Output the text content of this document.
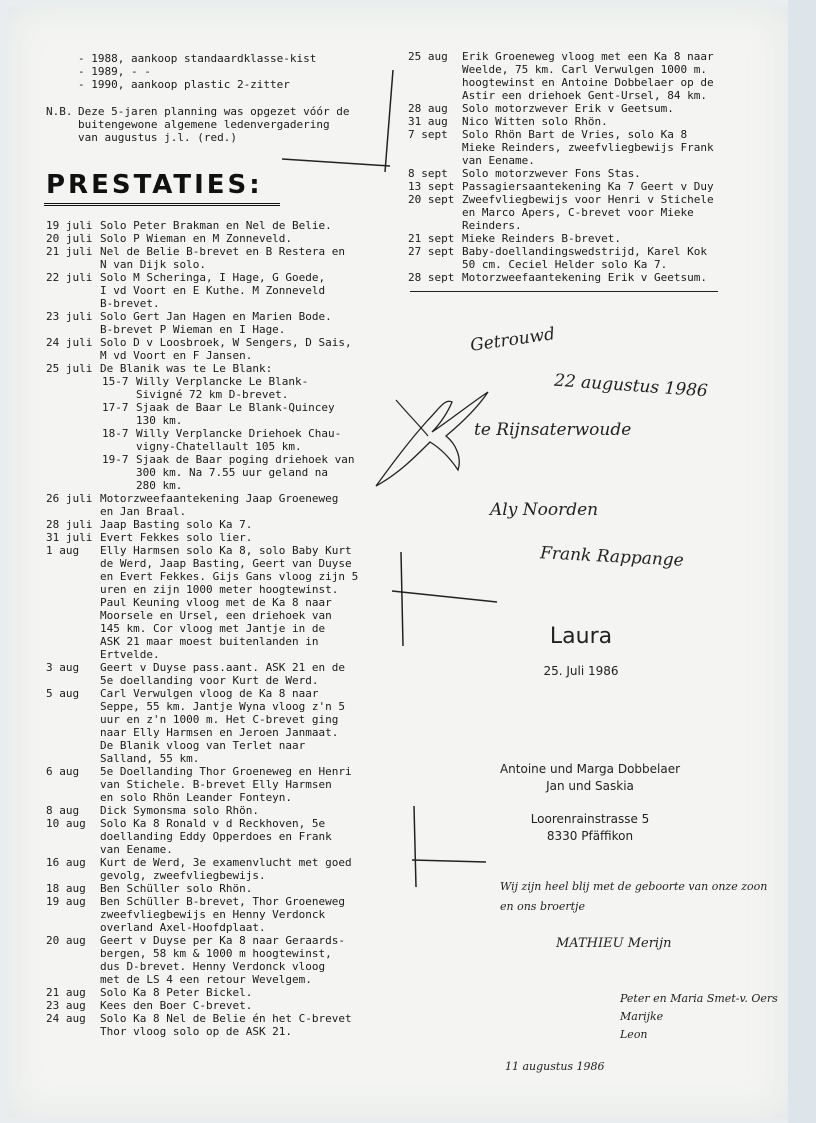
- 1988, aankoop standaardklasse-kist
- 1989, - -
- 1990, aankoop plastic 2-zitter
N.B. Deze 5-jaren planning was opgezet vóór de
buitengewone algemene ledenvergadering
van augustus j.l. (red.)
PRESTATIES:
19 juli Solo Peter Brakman en Nel de Belie.
20 juli Solo P Wieman en M Zonneveld.
21 juli Nel de Belie B-brevet en B Restera en
N van Dijk solo.
22 juli Solo M Scheringa, I Hage, G Goede,
I vd Voort en E Kuthe. M Zonneveld
B-brevet.
23 juli Solo Gert Jan Hagen en Marien Bode.
B-brevet P Wieman en I Hage.
24 juli Solo D v Loosbroek, W Sengers, D Sais,
M vd Voort en F Jansen.
25 juli De Blanik was te Le Blank:
15-7 Willy Verplancke Le Blank-
Sivigné 72 km D-brevet.
17-7 Sjaak de Baar Le Blank-Quincey
130 km.
18-7 Willy Verplancke Driehoek Chau-
vigny-Chatellault 105 km.
19-7 Sjaak de Baar poging driehoek van
300 km. Na 7.55 uur geland na
280 km.
26 juli Motorzweefaantekening Jaap Groeneweg
en Jan Braal.
28 juli Jaap Basting solo Ka 7.
31 juli Evert Fekkes solo lier.
1 aug	Elly Harmsen solo Ka 8, solo Baby Kurt
de Werd, Jaap Basting, Geert van Duyse
en Evert Fekkes. Gijs Gans vloog zijn 5
uren en zijn 1000 meter hoogtewinst.
Paul Keuning vloog met de Ka 8 naar
Moorsele en Ursel, een driehoek van
145 km. Cor vloog met Jantje in de
ASK 21 maar moest buitenlanden in
Ertvelde.
3 aug	Geert v Duyse pass.aant. ASK 21 en de
5e doellanding voor Kurt de Werd.
5 aug	Carl Verwulgen vloog de Ka 8 naar
Seppe, 55 km. Jantje Wyna vloog z'n 5
uur en z'n 1000 m. Het C-brevet ging
naar Elly Harmsen en Jeroen Janmaat.
De Blanik vloog van Terlet naar
Salland, 55 km.
6 aug	5e Doellanding Thor Groeneweg en Henri
van Stichele. B-brevet Elly Harmsen
en solo Rhön Leander Fonteyn.
8 aug	Dick Symonsma solo Rhön.
10 aug	Solo Ka 8 Ronald v d Reckhoven, 5e
doellanding Eddy Opperdoes en Frank
van Eename.
16 aug	Kurt de Werd, 3e examenvlucht met goed
gevolg, zweefvliegbewijs.
18 aug	Ben Schüller solo Rhön.
19 aug	Ben Schüller B-brevet, Thor Groeneweg
zweefvliegbewijs en Henny Verdonck
overland Axel-Hoofdplaat.
20 aug	Geert v Duyse per Ka 8 naar Geraards-
bergen, 58 km & 1000 m hoogtewinst,
dus D-brevet. Henny Verdonck vloog
met de LS 4 een retour Wevelgem.
21 aug	Solo Ka 8 Peter Bickel.
23 aug	Kees den Boer C-brevet.
24 aug	Solo Ka 8 Nel de Belie én het C-brevet
Thor vloog solo op de ASK 21.
25 aug	Erik Groeneweg vloog met een Ka 8 naar
Weelde, 75 km. Carl Verwulgen 1000 m.
hoogtewinst en Antoine Dobbelaer op de
Astir een driehoek Gent-Ursel, 84 km.
28 aug	Solo motorzwever Erik v Geetsum.
31 aug	Nico Witten solo Rhön.
7 sept	Solo Rhön Bart de Vries, solo Ka 8
Mieke Reinders, zweefvliegbewijs Frank
van Eename.
8 sept	Solo motorzwever Fons Stas.
13 sept Passagiersaantekening Ka 7 Geert v Duy
20 sept Zweefvliegbewijs voor Henri v Stichele
en Marco Apers, C-brevet voor Mieke
Reinders.
21 sept Mieke Reinders B-brevet.
27 sept Baby-doellandingswedstrijd, Karel Kok
50 cm. Ceciel Helder solo Ka 7.
28 sept Motorzweefaantekening Erik v Geetsum.
Getrouwd
22 augustus 1986
te Rijnsaterwoude
Aly Noorden
Frank Rappange
Laura
25. Juli 1986
Antoine und Marga Dobbelaer
Jan und Saskia
Loorenrainstrasse 5
8330 Pfäffikon
Wij zijn heel blij met de geboorte van onze zoon
en ons broertje
MATHIEU Merijn
Peter en Maria Smet-v. Oers
Marijke
Leon
11 augustus 1986
